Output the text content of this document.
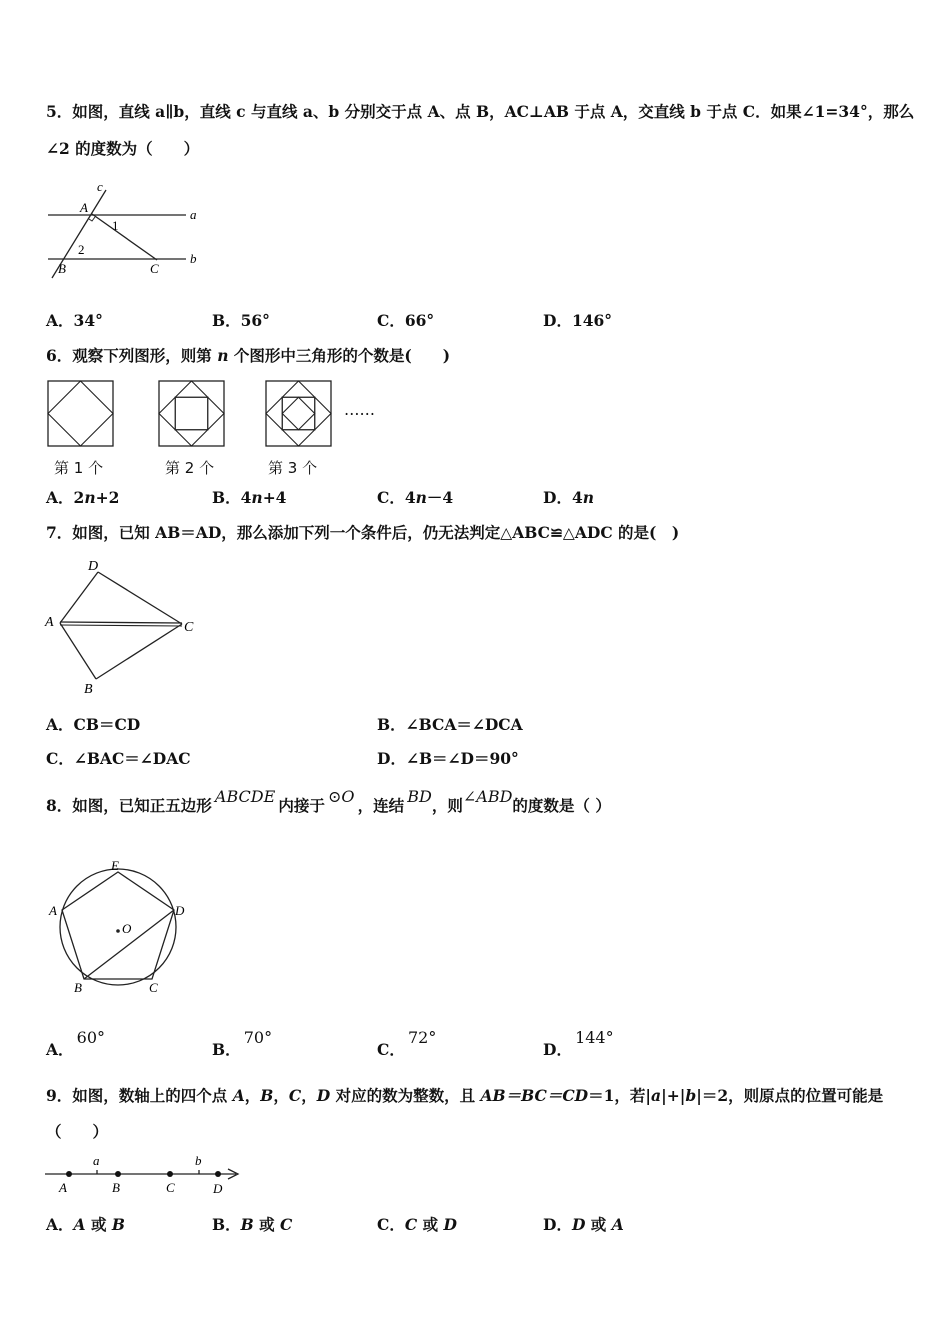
5．如图，直线 a∥b，直线 c 与直线 a、b 分别交于点 A、点 B，AC⊥AB 于点 A，交直线 b 于点 C．如果∠1=34°，那么
∠2 的度数为（　　）
c
A
1
2
B	C
a
b
A．34°	B．56°	C．66°	D．146°
6．观察下列图形，则第 n 个图形中三角形的个数是(　　)
……
第 1 个	第 2 个	第 3 个
A．2n+2	B．4n+4	C．4n－4	D．4n
7．如图，已知 AB＝AD，那么添加下列一个条件后，仍无法判定△ABC≌△ADC 的是(　)
D
A	C
B
A．CB＝CD	B．∠BCA＝∠DCA
C．∠BAC＝∠DAC	D．∠B＝∠D＝90°
8．如图，已知正五边形  ABCDE  内接于  ⊙O  ，连结  BD，则∠ABD的度数是（ ）
E
A	D
O
B	C
A． 60°
B． 70°
C． 72°
D． 144°
9．如图，数轴上的四个点 A，B，C，D 对应的数为整数，且 AB＝BC＝CD＝1，若|a|+|b|＝2，则原点的位置可能是
（　　）
a	b
A	B	C	D
A．A 或 B	B．B 或 C	C．C 或 D	D．D 或 A
